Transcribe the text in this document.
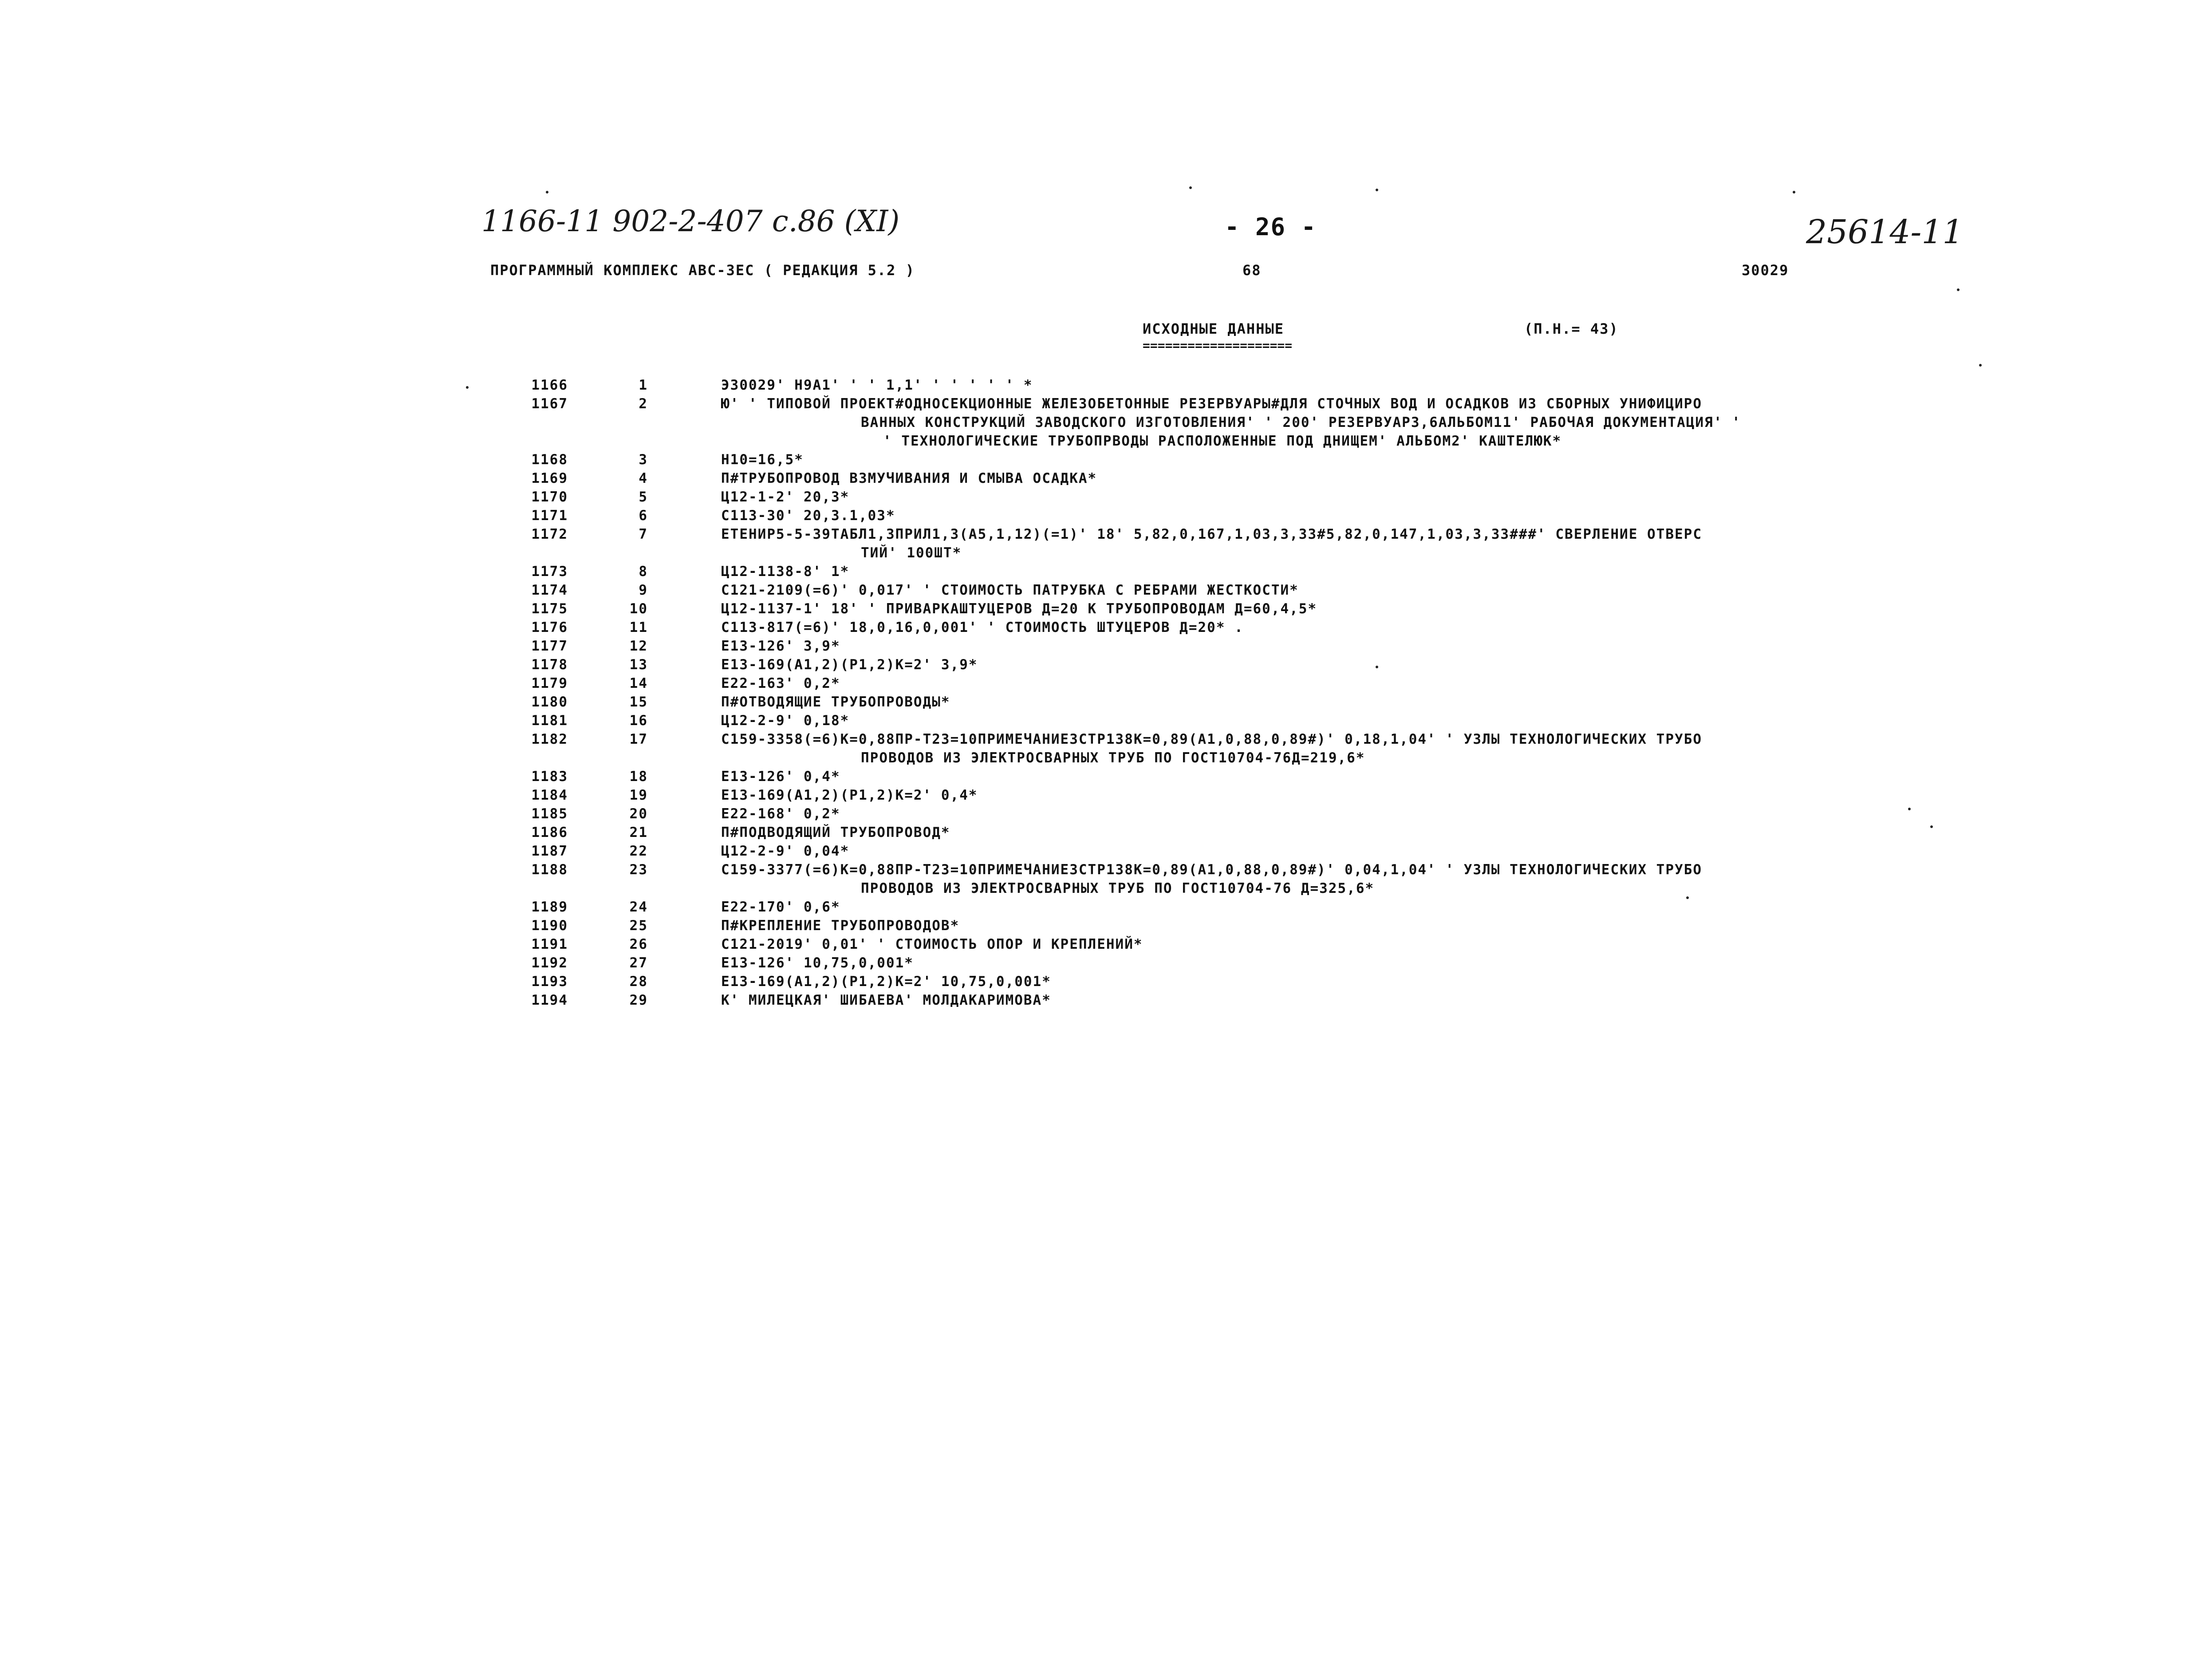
1166-11 902-2-407 с.86 (XI)	- 26 -	25614-11
ПРОГРАММНЫЙ КОМПЛЕКС АВС-ЗЕС ( РЕДАКЦИЯ 5.2 )	68	30029
ИСХОДНЫЕ ДАННЫЕ
====================
(П.Н.= 43)
1166	1	Э30029' Н9А1' ' ' 1,1' ' ' ' ' ' *
1167	2	Ю' ' ТИПОВОЙ ПРОЕКТ#ОДНОСЕКЦИОННЫЕ ЖЕЛЕЗОБЕТОННЫЕ РЕЗЕРВУАРЫ#ДЛЯ СТОЧНЫХ ВОД И ОСАДКОВ ИЗ СБОРНЫХ УНИФИЦИРО
ВАННЫХ КОНСТРУКЦИЙ ЗАВОДСКОГО ИЗГОТОВЛЕНИЯ' ' 200' РЕЗЕРВУАРЗ,6АЛЬБОМ11' РАБОЧАЯ ДОКУМЕНТАЦИЯ' '
' ТЕХНОЛОГИЧЕСКИЕ ТРУБОПРВОДЫ РАСПОЛОЖЕННЫЕ ПОД ДНИЩЕМ' АЛЬБОМ2' КАШТЕЛЮК*
1168	3	Н10=16,5*
1169	4	П#ТРУБОПРОВОД ВЗМУЧИВАНИЯ И СМЫВА ОСАДКА*
1170	5	Ц12-1-2' 20,3*
1171	6	С113-30' 20,3.1,03*
1172	7	ЕТЕНИР5-5-39ТАБЛ1,3ПРИЛ1,3(А5,1,12)(=1)' 18' 5,82,0,167,1,03,3,33#5,82,0,147,1,03,3,33###' СВЕРЛЕНИЕ ОТВЕРС
ТИЙ' 100ШТ*
1173	8	Ц12-1138-8' 1*
1174	9	С121-2109(=6)' 0,017' ' СТОИМОСТЬ ПАТРУБКА С РЕБРАМИ ЖЕСТКОСТИ*
1175	10	Ц12-1137-1' 18' ' ПРИВАРКАШТУЦЕРОВ Д=20 К ТРУБОПРОВОДАМ Д=60,4,5*
1176	11	С113-817(=6)' 18,0,16,0,001' ' СТОИМОСТЬ ШТУЦЕРОВ Д=20* .
1177	12	Е13-126' 3,9*
1178	13	Е13-169(А1,2)(Р1,2)К=2' 3,9*
1179	14	Е22-163' 0,2*
1180	15	П#ОТВОДЯЩИЕ ТРУБОПРОВОДЫ*
1181	16	Ц12-2-9' 0,18*
1182	17	С159-3358(=6)К=0,88ПР-Т23=10ПРИМЕЧАНИЕ3СТР138К=0,89(А1,0,88,0,89#)' 0,18,1,04' ' УЗЛЫ ТЕХНОЛОГИЧЕСКИХ ТРУБО
ПРОВОДОВ ИЗ ЭЛЕКТРОСВАРНЫХ ТРУБ ПО ГОСТ10704-76Д=219,6*
1183	18	Е13-126' 0,4*
1184	19	Е13-169(А1,2)(Р1,2)К=2' 0,4*
1185	20	Е22-168' 0,2*
1186	21	П#ПОДВОДЯЩИЙ ТРУБОПРОВОД*
1187	22	Ц12-2-9' 0,04*
1188	23	С159-3377(=6)К=0,88ПР-Т23=10ПРИМЕЧАНИЕ3СТР138К=0,89(А1,0,88,0,89#)' 0,04,1,04' ' УЗЛЫ ТЕХНОЛОГИЧЕСКИХ ТРУБО
ПРОВОДОВ ИЗ ЭЛЕКТРОСВАРНЫХ ТРУБ ПО ГОСТ10704-76 Д=325,6*
1189	24	Е22-170' 0,6*
1190	25	П#КРЕПЛЕНИЕ ТРУБОПРОВОДОВ*
1191	26	С121-2019' 0,01' ' СТОИМОСТЬ ОПОР И КРЕПЛЕНИЙ*
1192	27	Е13-126' 10,75,0,001*
1193	28	Е13-169(А1,2)(Р1,2)К=2' 10,75,0,001*
1194	29	К' МИЛЕЦКАЯ' ШИБАЕВА' МОЛДАКАРИМОВА*
